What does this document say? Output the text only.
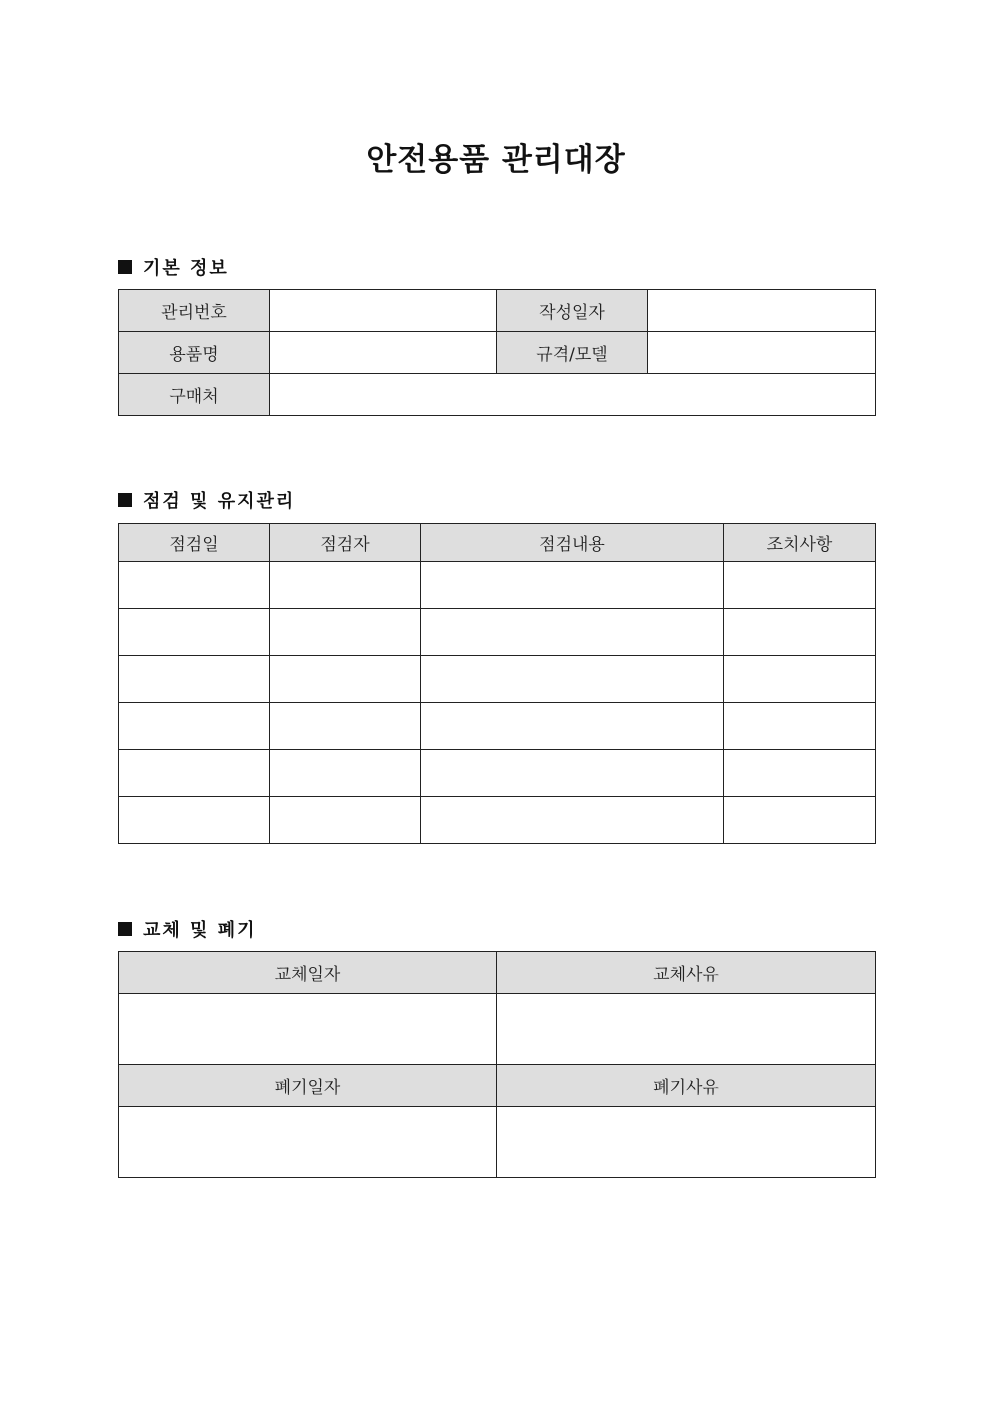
안전용품 관리대장
기본 정보
관리번호		작성일자	
용품명		규격/모델	
구매처			
점검 및 유지관리
점검일	점검자	점검내용	조치사항

교체 및 폐기
교체일자	교체사유

폐기일자	폐기사유
